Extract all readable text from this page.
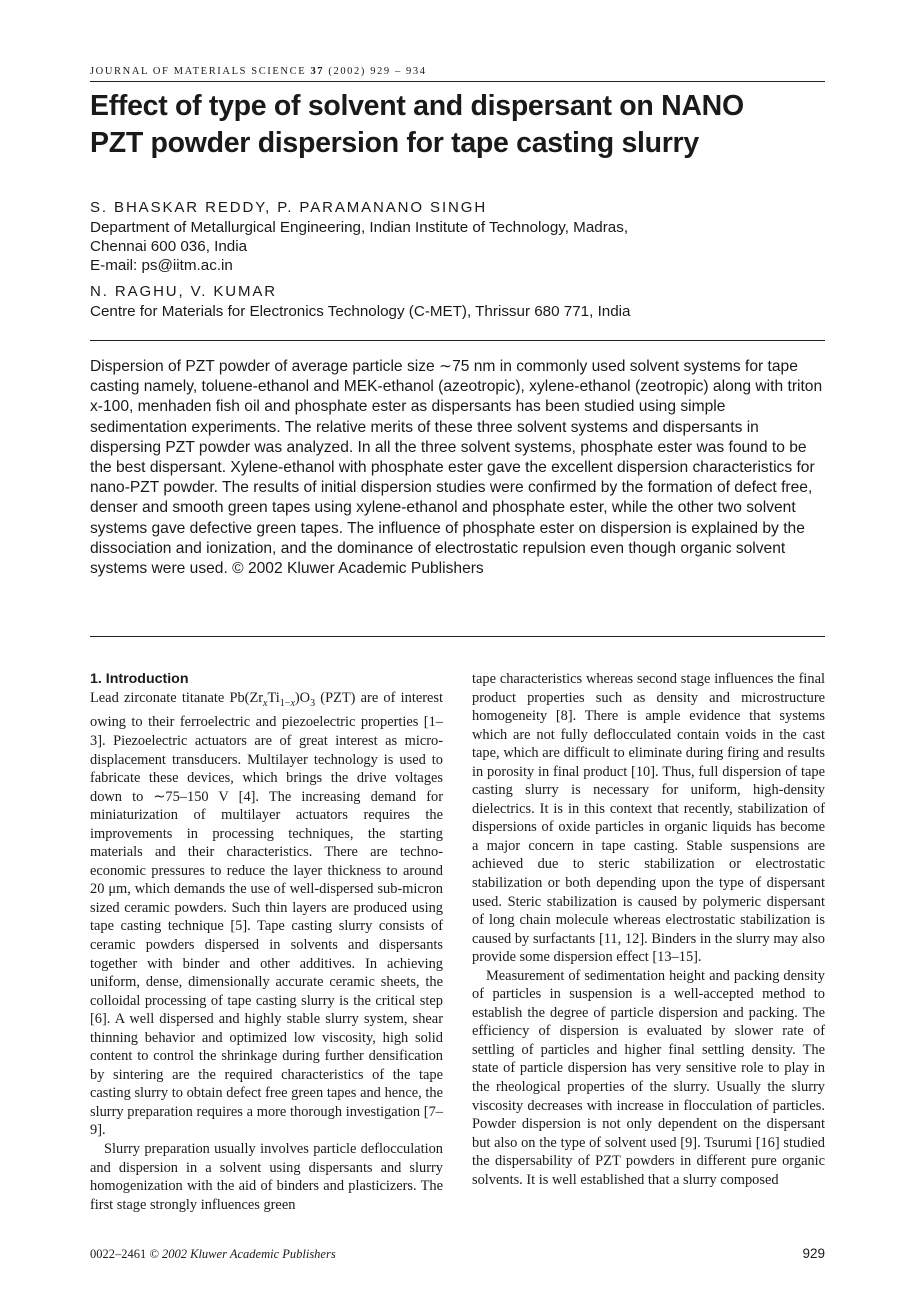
JOURNAL OF MATERIALS SCIENCE 37 (2002) 929 – 934
Effect of type of solvent and dispersant on NANO
PZT powder dispersion for tape casting slurry
S. BHASKAR REDDY, P. PARAMANANO SINGH
Department of Metallurgical Engineering, Indian Institute of Technology, Madras,
Chennai 600 036, India
E-mail: ps@iitm.ac.in
N. RAGHU, V. KUMAR
Centre for Materials for Electronics Technology (C-MET), Thrissur 680 771, India

Dispersion of PZT powder of average particle size ∼75 nm in commonly used solvent systems for tape casting namely, toluene-ethanol and MEK-ethanol (azeotropic), xylene-ethanol (zeotropic) along with triton x-100, menhaden fish oil and phosphate ester as dispersants has been studied using simple sedimentation experiments. The relative merits of these three solvent systems and dispersants in dispersing PZT powder was analyzed. In all the three solvent systems, phosphate ester was found to be the best dispersant. Xylene-ethanol with phosphate ester gave the excellent dispersion characteristics for nano-PZT powder. The results of initial dispersion studies were confirmed by the formation of defect free, denser and smooth green tapes using xylene-ethanol and phosphate ester, while the other two solvent systems gave defective green tapes. The influence of phosphate ester on dispersion is explained by the dissociation and ionization, and the dominance of electrostatic repulsion even though organic solvent systems were used. © 2002 Kluwer Academic Publishers

1. Introduction

Lead zirconate titanate $Pb(Zr_xTi_{1-x})O_3$ (PZT) are of interest owing to their ferroelectric and piezoelectric properties [1–3]. Piezoelectric actuators are of great interest as micro-displacement transducers. Multilayer technology is used to fabricate these devices, which brings the drive voltages down to ∼75–150 V [4]. The increasing demand for miniaturization of multilayer actuators requires the improvements in processing techniques, the starting materials and their characteristics. There are techno-economic pressures to reduce the layer thickness to around 20 μm, which demands the use of well-dispersed sub-micron sized ceramic powders. Such thin layers are produced using tape casting technique [5]. Tape casting slurry consists of ceramic powders dispersed in solvents and dispersants together with binder and other additives. In achieving uniform, dense, dimensionally accurate ceramic sheets, the colloidal processing of tape casting slurry is the critical step [6]. A well dispersed and highly stable slurry system, shear thinning behavior and optimized low viscosity, high solid content to control the shrinkage during further densification by sintering are the required characteristics of the tape casting slurry to obtain defect free green tapes and hence, the slurry preparation requires a more thorough investigation [7–9].

Slurry preparation usually involves particle deflocculation and dispersion in a solvent using dispersants and slurry homogenization with the aid of binders and plasticizers. The first stage strongly influences green

tape characteristics whereas second stage influences the final product properties such as density and microstructure homogeneity [8]. There is ample evidence that systems which are not fully deflocculated contain voids in the cast tape, which are difficult to eliminate during firing and results in porosity in final product [10]. Thus, full dispersion of tape casting slurry is necessary for uniform, high-density dielectrics. It is in this context that recently, stabilization of dispersions of oxide particles in organic liquids has become a major concern in tape casting. Stable suspensions are achieved due to steric stabilization or electrostatic stabilization or both depending upon the type of dispersant used. Steric stabilization is caused by polymeric dispersant of long chain molecule whereas electrostatic stabilization is caused by surfactants [11, 12]. Binders in the slurry may also provide some dispersion effect [13–15].

Measurement of sedimentation height and packing density of particles in suspension is a well-accepted method to establish the degree of particle dispersion and packing. The efficiency of dispersion is evaluated by slower rate of settling of particles and higher final settling density. The state of particle dispersion has very sensitive role to play in the rheological properties of the slurry. Usually the slurry viscosity decreases with increase in flocculation of particles. Powder dispersion is not only dependent on the dispersant but also on the type of solvent used [9]. Tsurumi [16] studied the dispersability of PZT powders in different pure organic solvents. It is well established that a slurry composed

0022–2461 © 2002 Kluwer Academic Publishers	929
